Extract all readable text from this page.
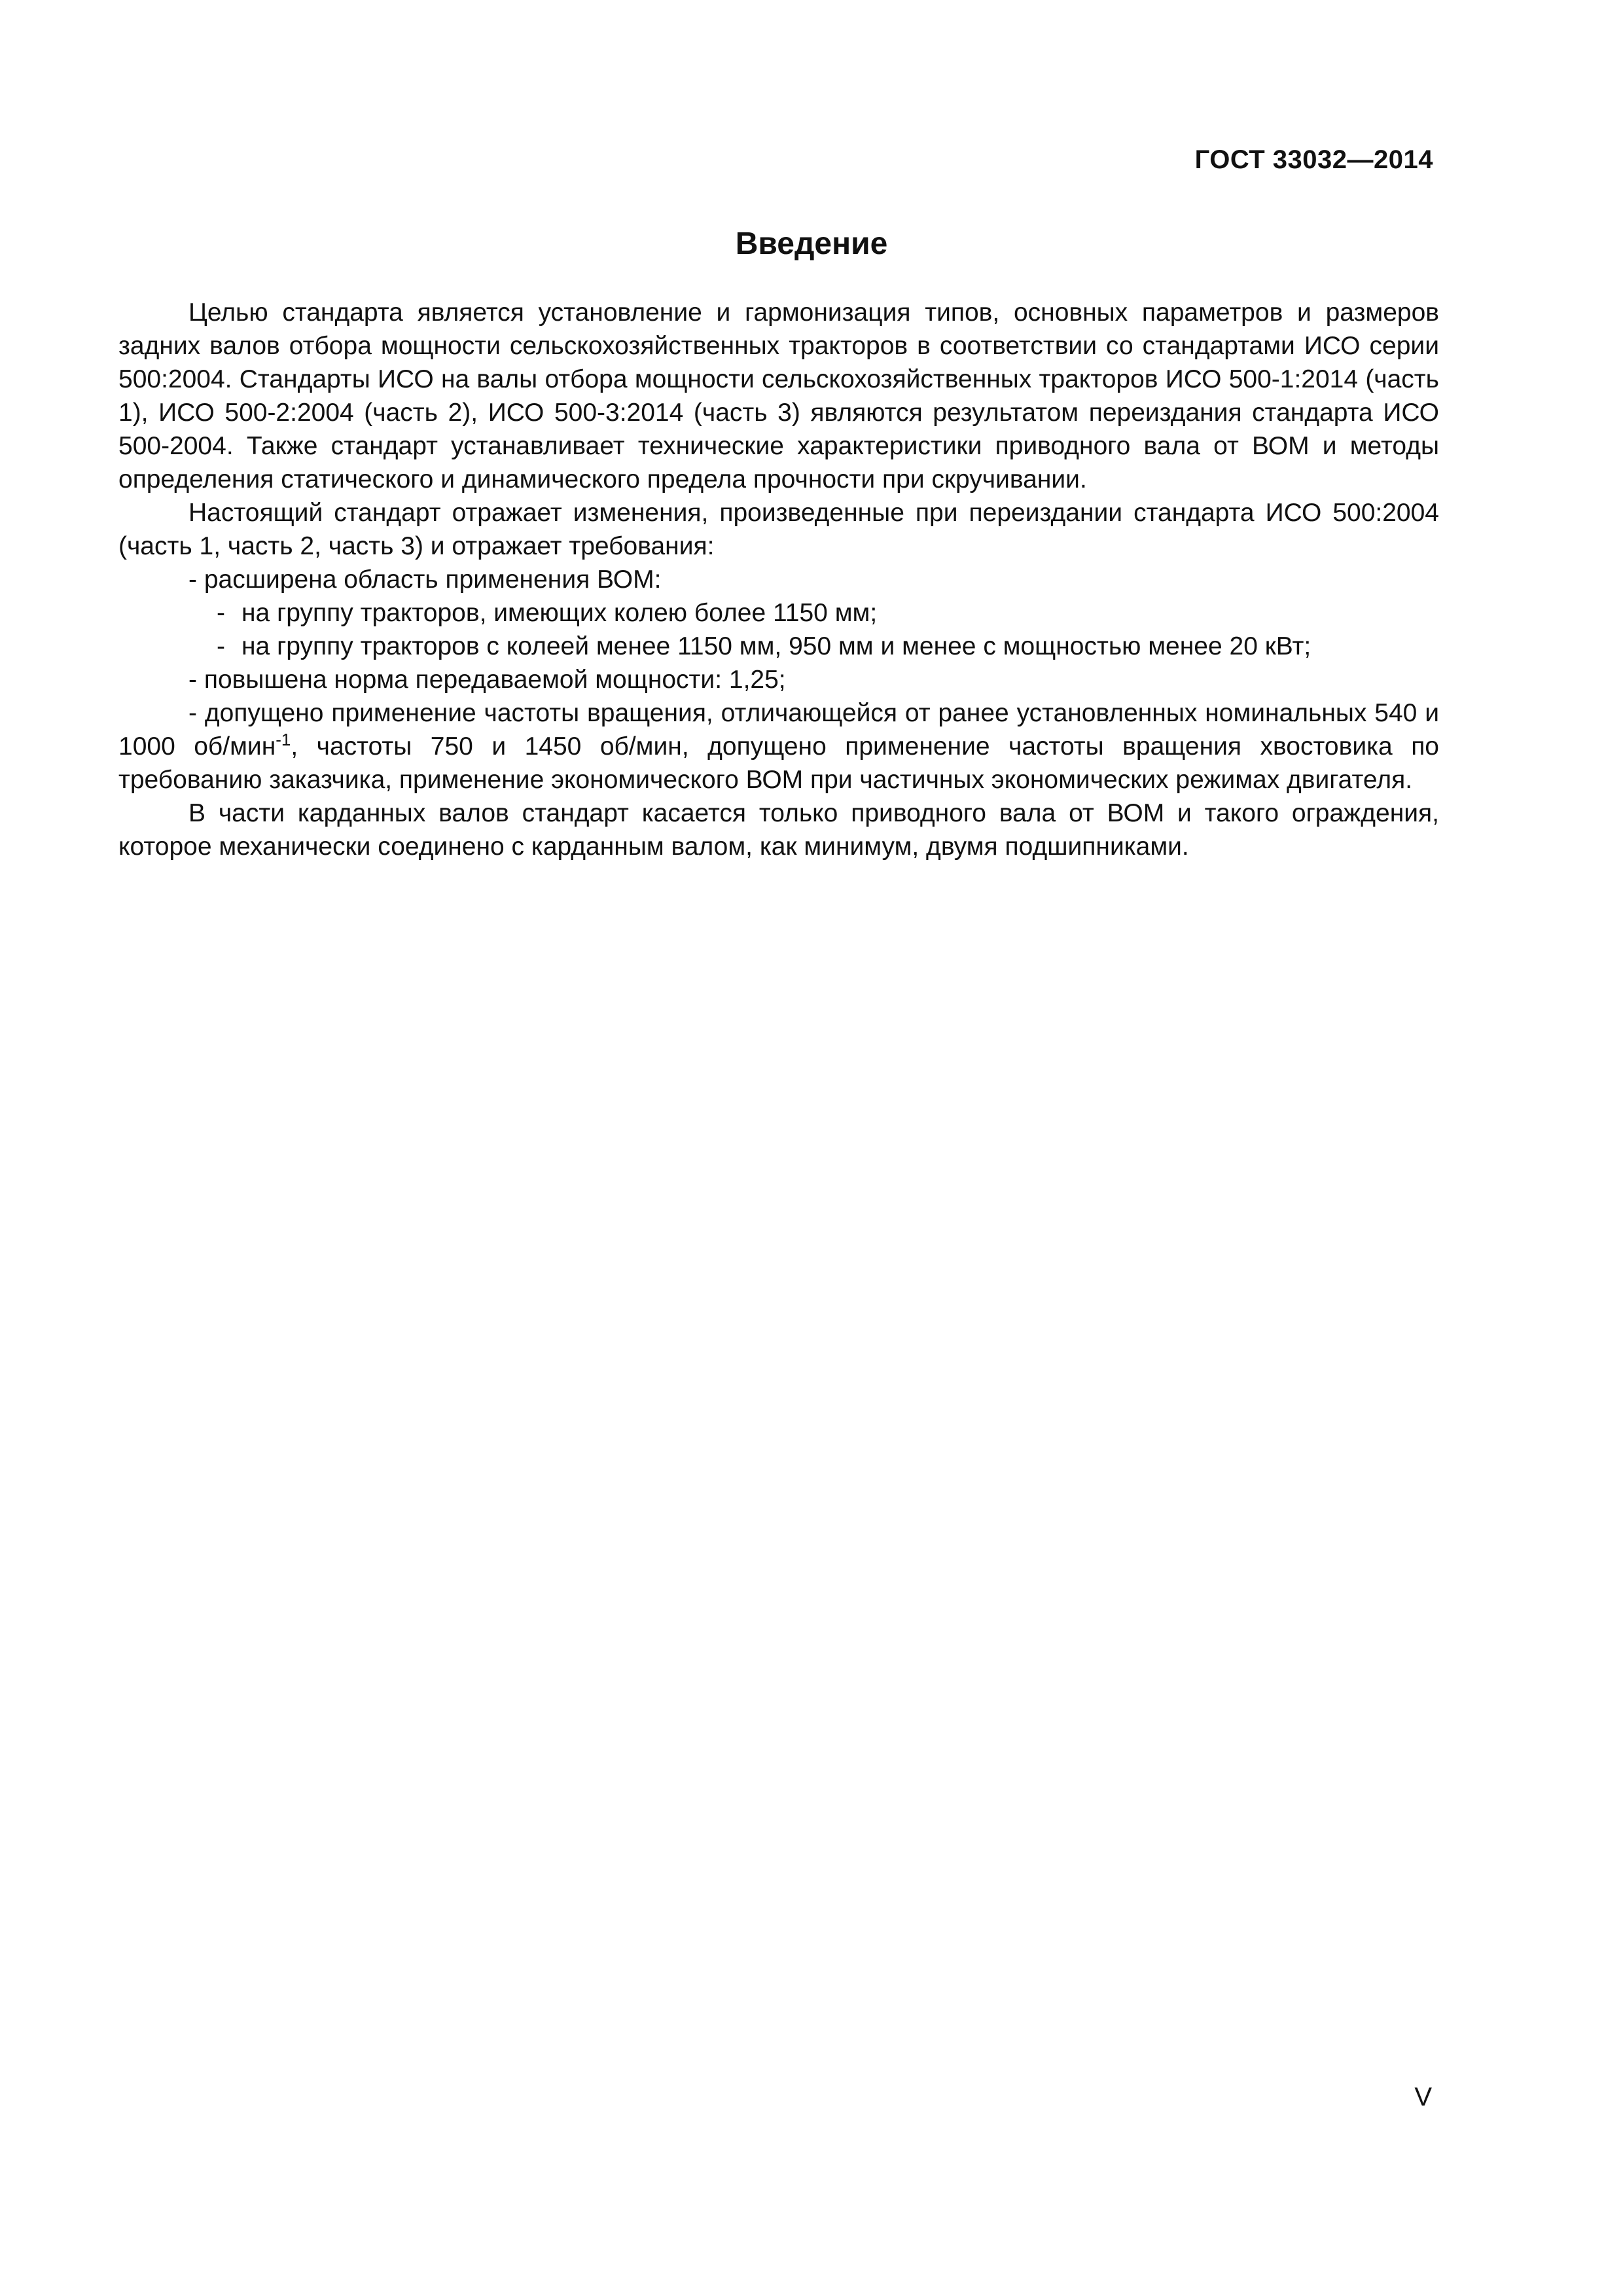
ГОСТ 33032—2014
Введение

Целью стандарта является установление и гармонизация типов, основных параметров и размеров задних валов отбора мощности сельскохозяйственных тракторов в соответствии со стандартами ИСО серии 500:2004. Стандарты ИСО на валы отбора мощности сельскохозяйственных тракторов ИСО 500-1:2014 (часть 1), ИСО 500-2:2004 (часть 2), ИСО 500-3:2014 (часть 3) являются результатом переиздания стандарта ИСО 500-2004. Также стандарт устанавливает технические характеристики приводного вала от ВОМ и методы определения статического и динамического предела прочности при скручивании.

Настоящий стандарт отражает изменения, произведенные при переиздании стандарта ИСО 500:2004 (часть 1, часть 2, часть 3) и отражает требования:

- расширена область применения ВОМ:

- на группу тракторов, имеющих колею более 1150 мм;

- на группу тракторов с колеей менее 1150 мм, 950 мм и менее с мощностью менее 20 кВт;

- повышена норма передаваемой мощности: 1,25;

- допущено применение частоты вращения, отличающейся от ранее установленных номинальных 540 и 1000 об/мин$^{-1}$, частоты 750 и 1450 об/мин, допущено применение частоты вращения хвостовика по требованию заказчика, применение экономического ВОМ при частичных экономических режимах двигателя.

В части карданных валов стандарт касается только приводного вала от ВОМ и такого ограждения, которое механически соединено с карданным валом, как минимум, двумя подшипниками.

V
